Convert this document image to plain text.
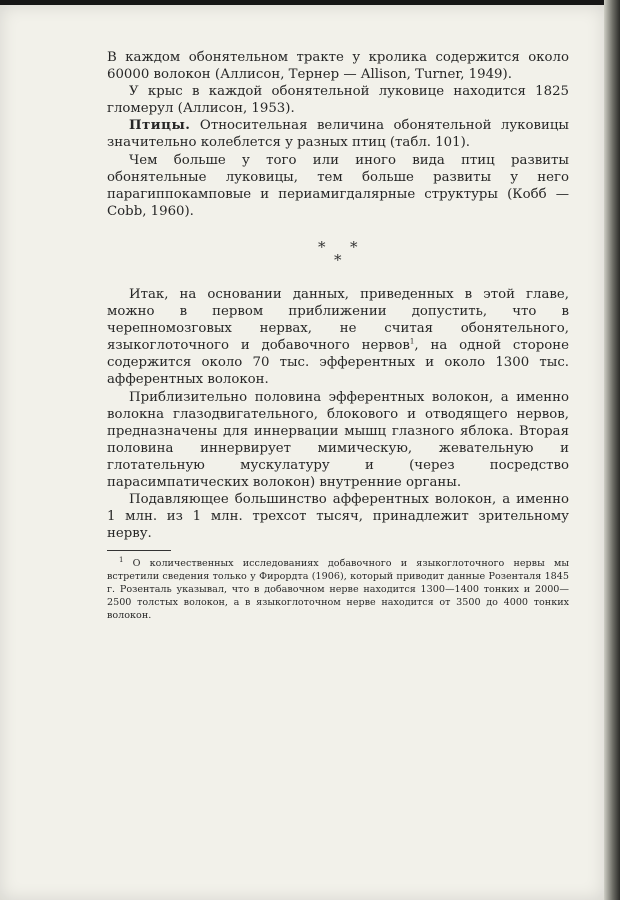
В каждом обонятельном тракте у кролика содержится около 60000 волокон (Аллисон, Тернер — Allison, Turner, 1949).

У крыс в каждой обонятельной луковице находится 1825 гломерул (Аллисон, 1953).

Птицы. Относительная величина обонятельной луковицы значительно колеблется у разных птиц (табл. 101).

Чем больше у того или иного вида птиц развиты обонятельные луковицы, тем больше развиты у него парагиппокамповые и периамигдалярные структуры (Кобб — Cobb, 1960).

* *
*

Итак, на основании данных, приведенных в этой главе, можно в первом приближении допустить, что в черепномозговых нервах, не считая обонятельного, языкоглоточного и добавочного нервов$^1$, на одной стороне содержится около 70 тыс. эфферентных и около 1300 тыс. афферентных волокон.

Приблизительно половина эфферентных волокон, а именно волокна глазодвигательного, блокового и отводящего нервов, предназначены для иннервации мышц глазного яблока. Вторая половина иннервирует мимическую, жевательную и глотательную мускулатуру и (через посредство парасимпатических волокон) внутренние органы.

Подавляющее большинство афферентных волокон, а именно 1 млн. из 1 млн. трехсот тысяч, принадлежит зрительному нерву.

$^1$ О количественных исследованиях добавочного и языкоглоточного нервы мы встретили сведения только у Фирордта (1906), который приводит данные Розенталя 1845 г. Розенталь указывал, что в добавочном нерве находится 1300—1400 тонких и 2000—2500 толстых волокон, а в языкоглоточном нерве находится от 3500 до 4000 тонких волокон.
